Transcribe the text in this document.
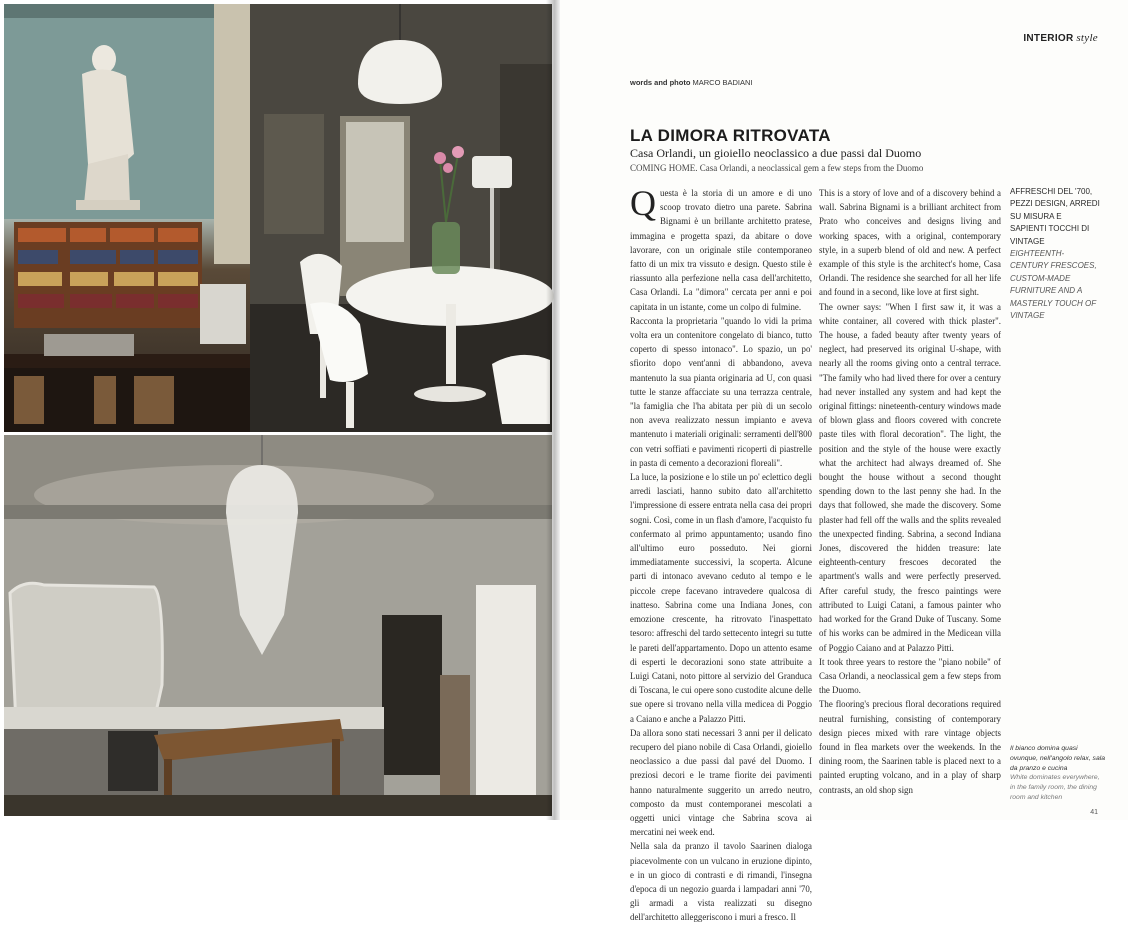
INTERIOR style
words and photo MARCO BADIANI
LA DIMORA RITROVATA
Casa Orlandi, un gioiello neoclassico a due passi dal Duomo
COMING HOME. Casa Orlandi, a neoclassical gem a few steps from the Duomo

Questa è la storia di un amore e di uno scoop trovato dietro una parete. Sabrina Bignami è un brillante architetto pratese, immagina e progetta spazi, da abitare o dove lavorare, con un originale stile contemporaneo fatto di un mix tra vissuto e design. Questo stile è riassunto alla perfezione nella casa dell'architetto, Casa Orlandi. La "dimora" cercata per anni e poi capitata in un istante, come un colpo di fulmine.

Racconta la proprietaria "quando lo vidi la prima volta era un contenitore congelato di bianco, tutto coperto di spesso intonaco". Lo spazio, un po' sfiorito dopo vent'anni di abbandono, aveva mantenuto la sua pianta originaria ad U, con quasi tutte le stanze affacciate su una terrazza centrale, "la famiglia che l'ha abitata per più di un secolo non aveva realizzato nessun impianto e aveva mantenuto i materiali originali: serramenti dell'800 con vetri soffiati e pavimenti ricoperti di piastrelle in pasta di cemento a decorazioni floreali".

La luce, la posizione e lo stile un po' eclettico degli arredi lasciati, hanno subito dato all'architetto l'impressione di essere entrata nella casa dei propri sogni. Così, come in un flash d'amore, l'acquisto fu confermato al primo appuntamento; usando fino all'ultimo euro posseduto. Nei giorni immediatamente successivi, la scoperta. Alcune parti di intonaco avevano ceduto al tempo e le piccole crepe facevano intravedere qualcosa di inatteso. Sabrina come una Indiana Jones, con emozione crescente, ha ritrovato l'inaspettato tesoro: affreschi del tardo settecento integri su tutte le pareti dell'appartamento. Dopo un attento esame di esperti le decorazioni sono state attribuite a Luigi Catani, noto pittore al servizio del Granduca di Toscana, le cui opere sono custodite alcune delle sue opere si trovano nella villa medicea di Poggio a Caiano e anche a Palazzo Pitti.

Da allora sono stati necessari 3 anni per il delicato recupero del piano nobile di Casa Orlandi, gioiello neoclassico a due passi dal pavé del Duomo. I preziosi decori e le trame fiorite dei pavimenti hanno naturalmente suggerito un arredo neutro, composto da must contemporanei mescolati a oggetti unici vintage che Sabrina scova ai mercatini nei week end.

Nella sala da pranzo il tavolo Saarinen dialoga piacevolmente con un vulcano in eruzione dipinto, e in un gioco di contrasti e di rimandi, l'insegna d'epoca di un negozio guarda i lampadari anni '70, gli armadi a vista realizzati su disegno dell'architetto alleggeriscono i muri a fresco. Il

This is a story of love and of a discovery behind a wall. Sabrina Bignami is a brilliant architect from Prato who conceives and designs living and working spaces, with a original, contemporary style, in a superb blend of old and new. A perfect example of this style is the architect's home, Casa Orlandi. The residence she searched for all her life and found in a second, like love at first sight.

The owner says: "When I first saw it, it was a white container, all covered with thick plaster". The house, a faded beauty after twenty years of neglect, had preserved its original U-shape, with nearly all the rooms giving onto a central terrace. "The family who had lived there for over a century had never installed any system and had kept the original fittings: nineteenth-century windows made of blown glass and floors covered with concrete paste tiles with floral decoration". The light, the position and the style of the house were exactly what the architect had always dreamed of. She bought the house without a second thought spending down to the last penny she had. In the days that followed, she made the discovery. Some plaster had fell off the walls and the splits revealed the unexpected finding. Sabrina, a second Indiana Jones, discovered the hidden treasure: late eighteenth-century frescoes decorated the apartment's walls and were perfectly preserved. After careful study, the fresco paintings were attributed to Luigi Catani, a famous painter who had worked for the Grand Duke of Tuscany. Some of his works can be admired in the Medicean villa of Poggio Caiano and at Palazzo Pitti.

It took three years to restore the "piano nobile" of Casa Orlandi, a neoclassical gem a few steps from the Duomo.

The flooring's precious floral decorations required neutral furnishing, consisting of contemporary design pieces mixed with rare vintage objects found in flea markets over the weekends. In the dining room, the Saarinen table is placed next to a painted erupting volcano, and in a play of sharp contrasts, an old shop sign

AFFRESCHI DEL '700, PEZZI DESIGN, ARREDI SU MISURA E SAPIENTI TOCCHI DI VINTAGE
EIGHTEENTH-CENTURY FRESCOES, CUSTOM-MADE FURNITURE AND A MASTERLY TOUCH OF VINTAGE
Il bianco domina quasi ovunque, nell'angolo relax, sala da pranzo e cucina
White dominates everywhere, in the family room, the dining room and kitchen
41
